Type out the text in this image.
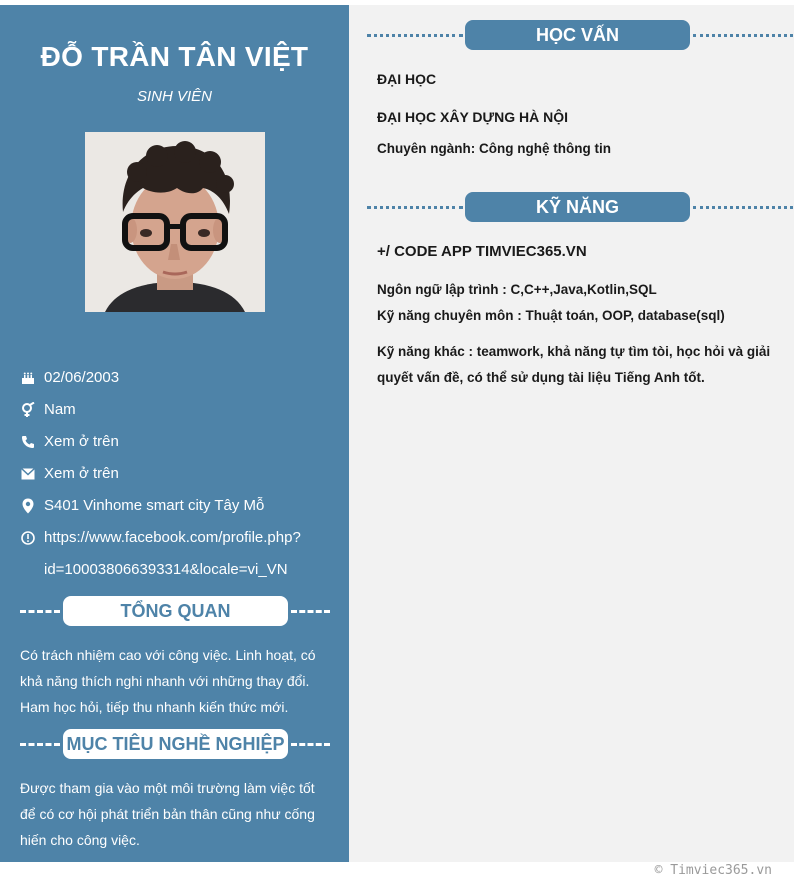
ĐỖ TRẦN TÂN VIỆT
SINH VIÊN
02/06/2003
Nam
Xem ở trên
Xem ở trên
S401 Vinhome smart city Tây Mỗ
https://www.facebook.com/profile.php?
id=100038066393314&locale=vi_VN
TỔNG QUAN
Có trách nhiệm cao với công việc. Linh hoạt, có
khả năng thích nghi nhanh với những thay đổi.
Ham học hỏi, tiếp thu nhanh kiến thức mới.
MỤC TIÊU NGHỀ NGHIỆP
Được tham gia vào một môi trường làm việc tốt
để có cơ hội phát triển bản thân cũng như cống
hiến cho công việc.
HỌC VẤN
ĐẠI HỌC
ĐẠI HỌC XÂY DỰNG HÀ NỘI
Chuyên ngành: Công nghệ thông tin
KỸ NĂNG
+/ CODE APP TIMVIEC365.VN
Ngôn ngữ lập trình : C,C++,Java,Kotlin,SQL
Kỹ năng chuyên môn : Thuật toán, OOP, database(sql)
Kỹ năng khác : teamwork, khả năng tự tìm tòi, học hỏi và giải
quyết vấn đề, có thể sử dụng tài liệu Tiếng Anh tốt.
© Timviec365.vn
